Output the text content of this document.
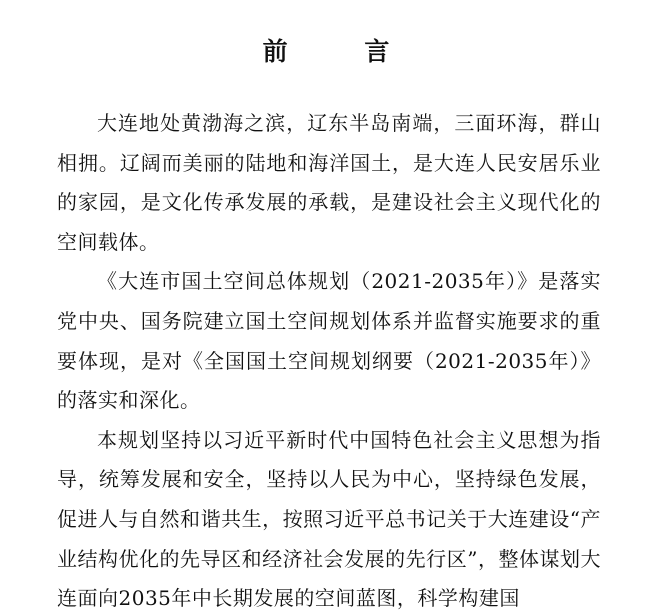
前 言

大连地处黄渤海之滨，辽东半岛南端，三面环海，群山相拥。辽阔而美丽的陆地和海洋国土，是大连人民安居乐业的家园，是文化传承发展的承载，是建设社会主义现代化的空间载体。

《大连市国土空间总体规划（2021-2035年）》是落实党中央、国务院建立国土空间规划体系并监督实施要求的重要体现，是对《全国国土空间规划纲要（2021-2035年）》的落实和深化。

本规划坚持以习近平新时代中国特色社会主义思想为指导，统筹发展和安全，坚持以人民为中心，坚持绿色发展，促进人与自然和谐共生，按照习近平总书记关于大连建设“产业结构优化的先导区和经济社会发展的先行区”，整体谋划大连面向2035年中长期发展的空间蓝图，科学构建国
